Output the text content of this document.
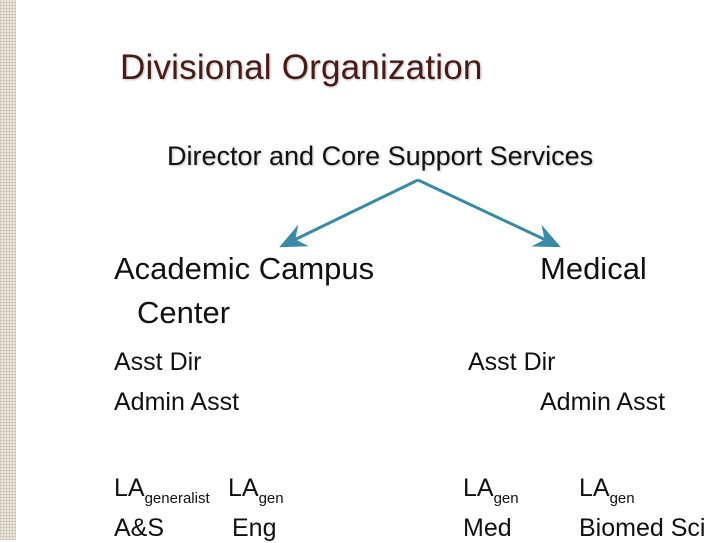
Divisional Organization
Director and Core Support Services
Academic Campus
Center
Asst Dir
Admin Asst
$LA_{generalist}$ $LA_{gen}$
A&S	Eng
Medical
Asst Dir
Admin Asst
$LA_{gen}$ $LA_{gen}$
Med	Biomed Sci
